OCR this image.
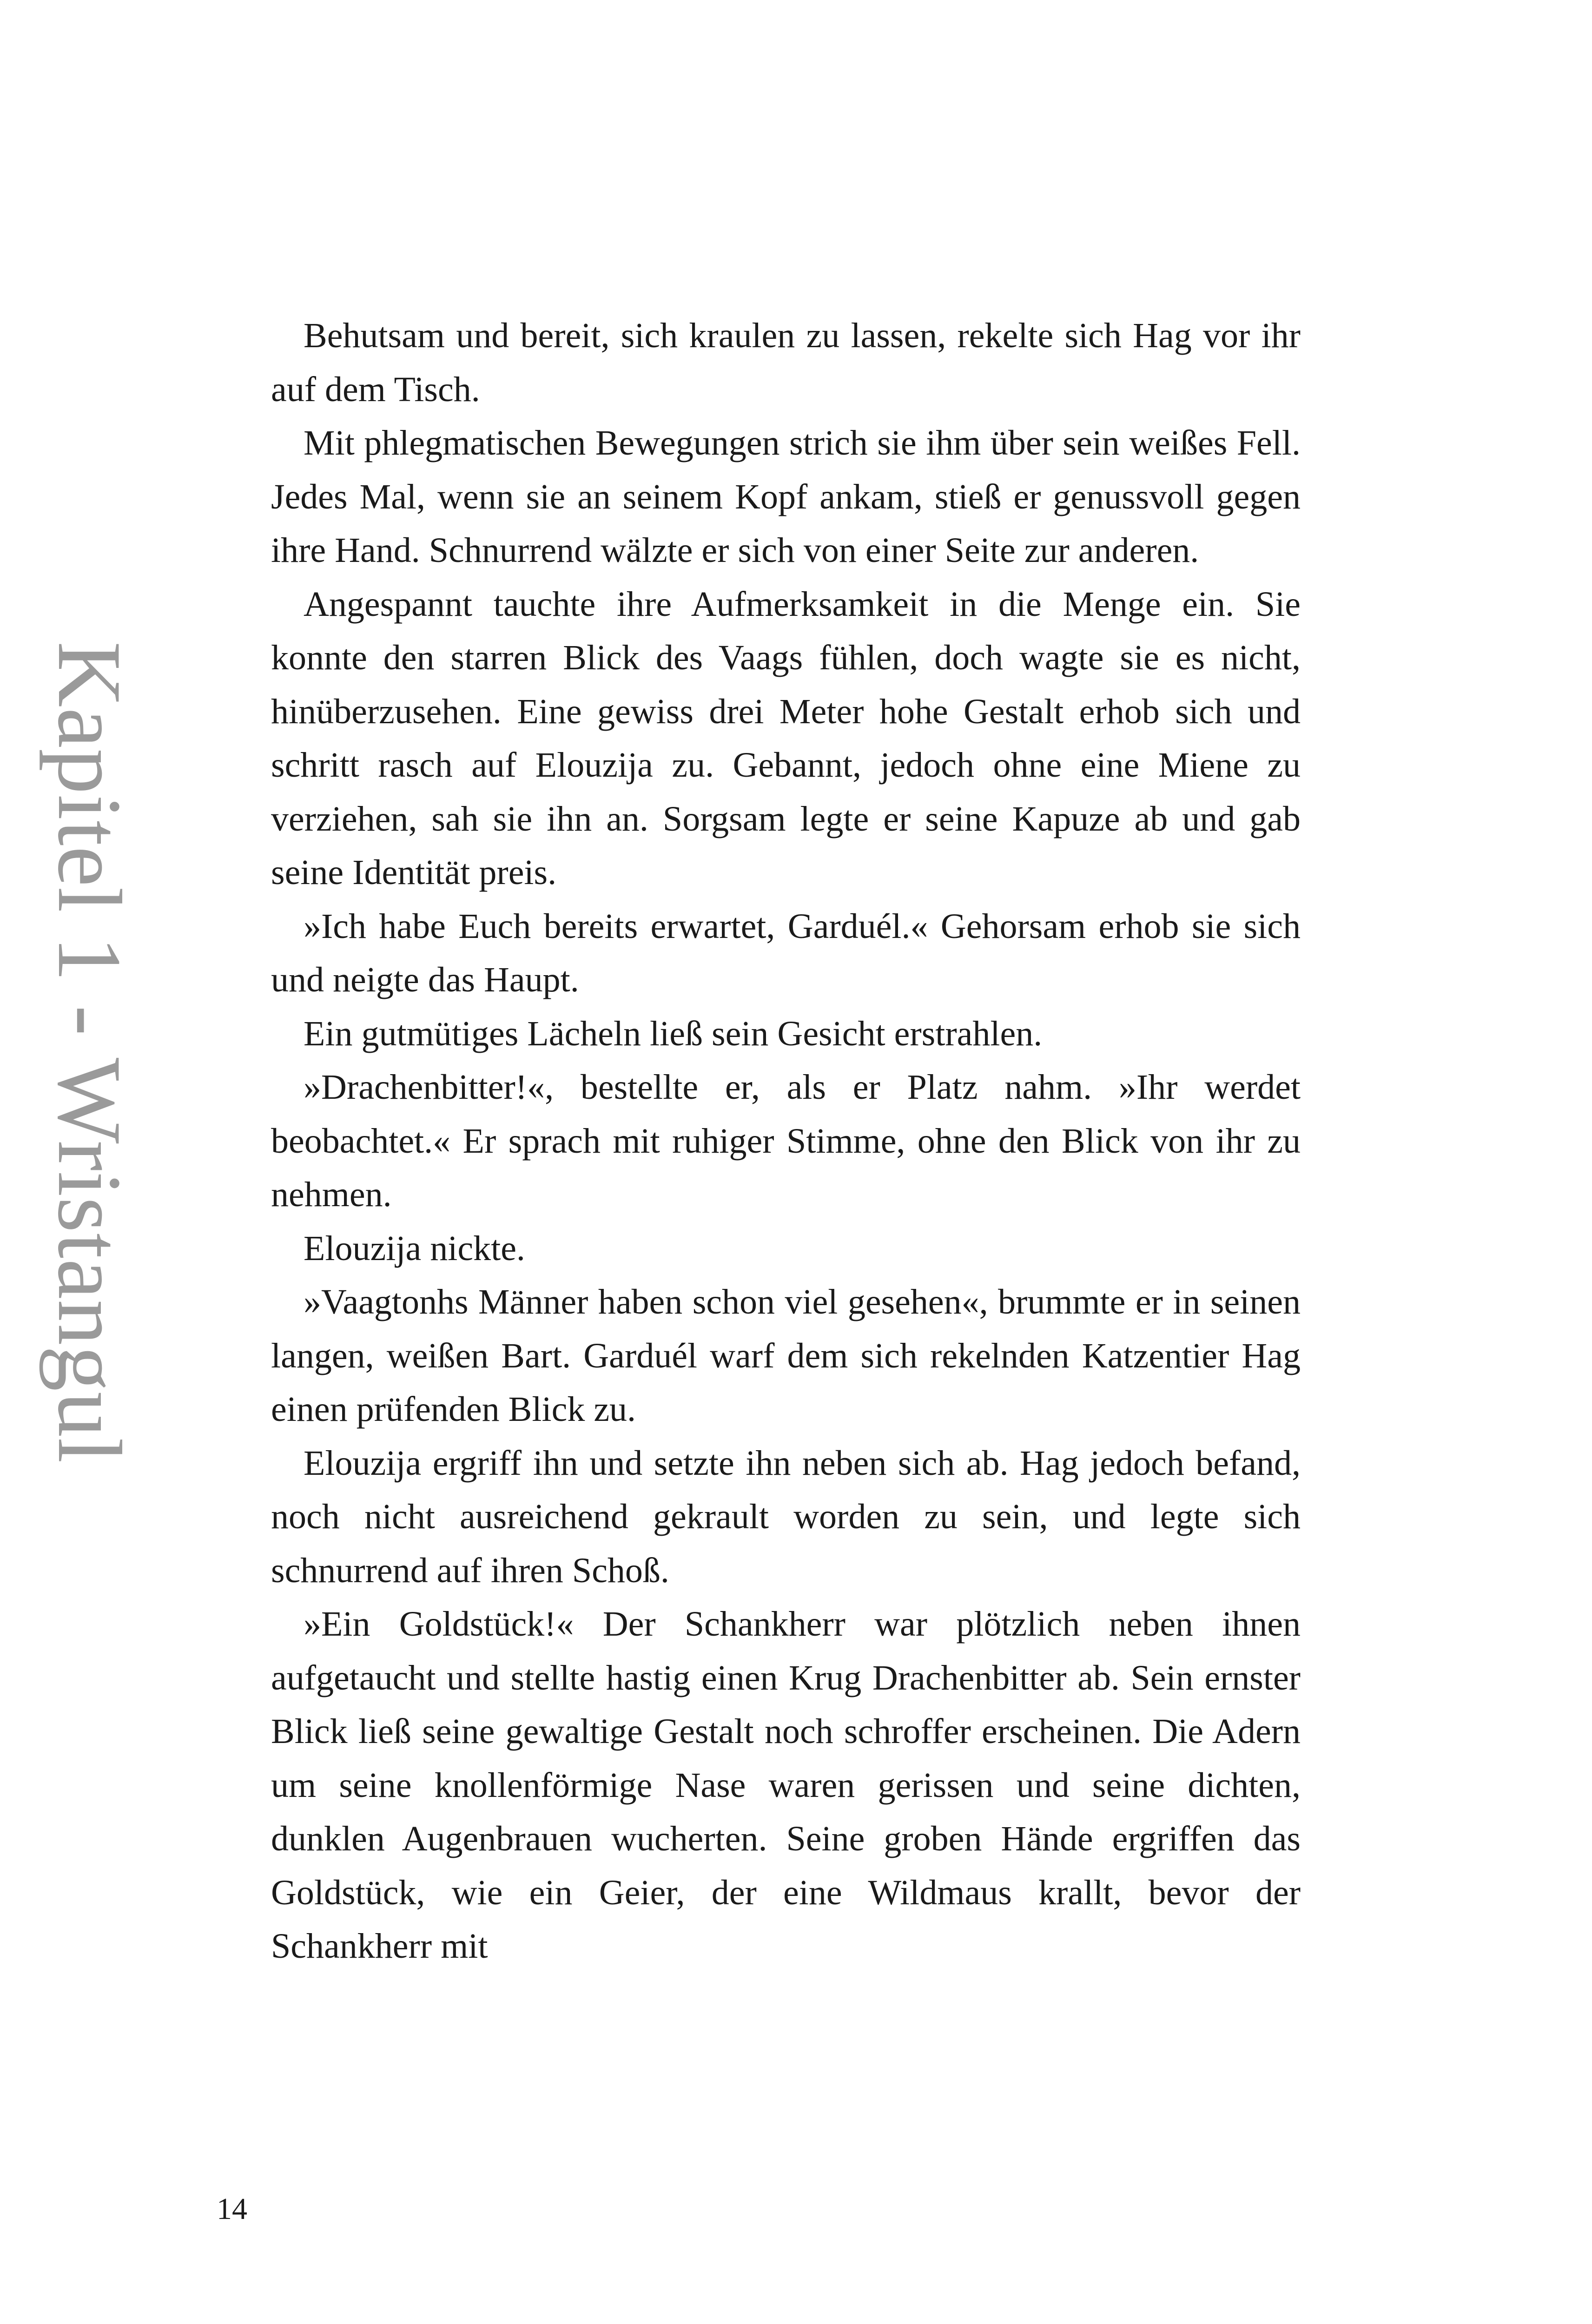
Kapitel 1 - Wristangul

Behutsam und bereit, sich kraulen zu lassen, rekelte sich Hag vor ihr auf dem Tisch.

Mit phlegmatischen Bewegungen strich sie ihm über sein weißes Fell. Jedes Mal, wenn sie an seinem Kopf ankam, stieß er genussvoll gegen ihre Hand. Schnurrend wälzte er sich von einer Seite zur anderen.

Angespannt tauchte ihre Aufmerksamkeit in die Menge ein. Sie konnte den starren Blick des Vaags fühlen, doch wagte sie es nicht, hinüberzusehen. Eine gewiss drei Meter hohe Gestalt erhob sich und schritt rasch auf Elouzija zu. Gebannt, jedoch ohne eine Miene zu verziehen, sah sie ihn an. Sorgsam legte er seine Kapuze ab und gab seine Identität preis.

»Ich habe Euch bereits erwartet, Garduél.« Gehorsam erhob sie sich und neigte das Haupt.

Ein gutmütiges Lächeln ließ sein Gesicht erstrahlen.

»Drachenbitter!«, bestellte er, als er Platz nahm. »Ihr werdet beobachtet.« Er sprach mit ruhiger Stimme, ohne den Blick von ihr zu nehmen.

Elouzija nickte.

»Vaagtonhs Männer haben schon viel gesehen«, brummte er in seinen langen, weißen Bart. Garduél warf dem sich rekelnden Katzentier Hag einen prüfenden Blick zu.

Elouzija ergriff ihn und setzte ihn neben sich ab. Hag jedoch befand, noch nicht ausreichend gekrault worden zu sein, und legte sich schnurrend auf ihren Schoß.

»Ein Goldstück!« Der Schankherr war plötzlich neben ihnen aufgetaucht und stellte hastig einen Krug Drachenbitter ab. Sein ernster Blick ließ seine gewaltige Gestalt noch schroffer erscheinen. Die Adern um seine knollenförmige Nase waren gerissen und seine dichten, dunklen Augenbrauen wucherten. Seine groben Hände ergriffen das Goldstück, wie ein Geier, der eine Wildmaus krallt, bevor der Schankherr mit

14
